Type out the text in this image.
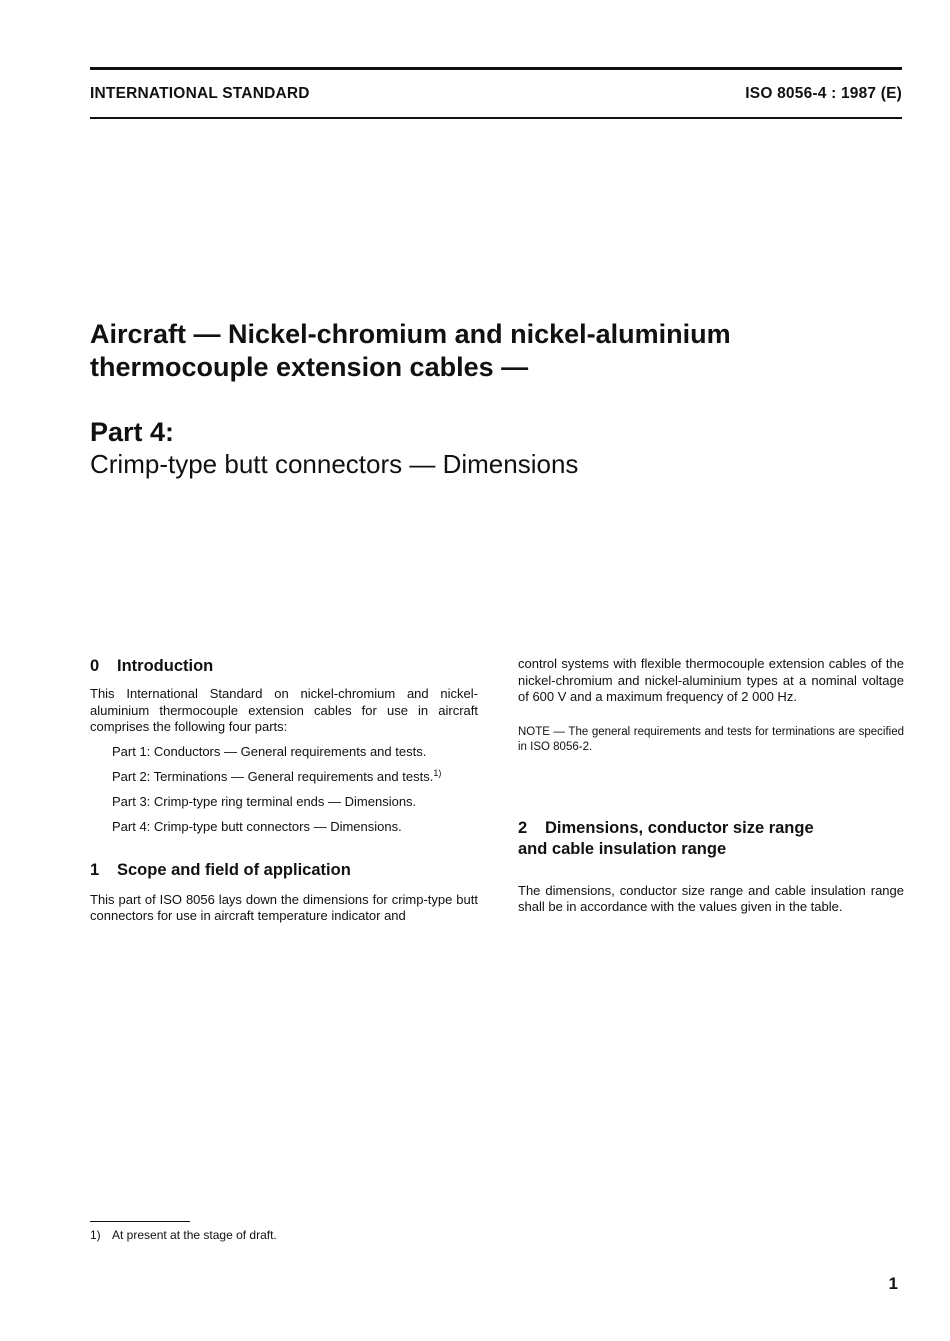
INTERNATIONAL STANDARD	ISO 8056-4 : 1987 (E)
Aircraft — Nickel-chromium and nickel-aluminium
thermocouple extension cables —
Part 4:
Crimp-type butt connectors — Dimensions
0	Introduction

This International Standard on nickel-chromium and nickel-aluminium thermocouple extension cables for use in aircraft comprises the following four parts:

Part 1: Conductors — General requirements and tests.
Part 2: Terminations — General requirements and tests.$^{1)}$
Part 3: Crimp-type ring terminal ends — Dimensions.
Part 4: Crimp-type butt connectors — Dimensions.
1	Scope and field of application

This part of ISO 8056 lays down the dimensions for crimp-type butt connectors for use in aircraft temperature indicator and

control systems with flexible thermocouple extension cables of the nickel-chromium and nickel-aluminium types at a nominal voltage of 600 V and a maximum frequency of 2 000 Hz.

NOTE — The general requirements and tests for terminations are specified in ISO 8056-2.

2	Dimensions, conductor size range
and cable insulation range

The dimensions, conductor size range and cable insulation range shall be in accordance with the values given in the table.

1) At present at the stage of draft.

1
